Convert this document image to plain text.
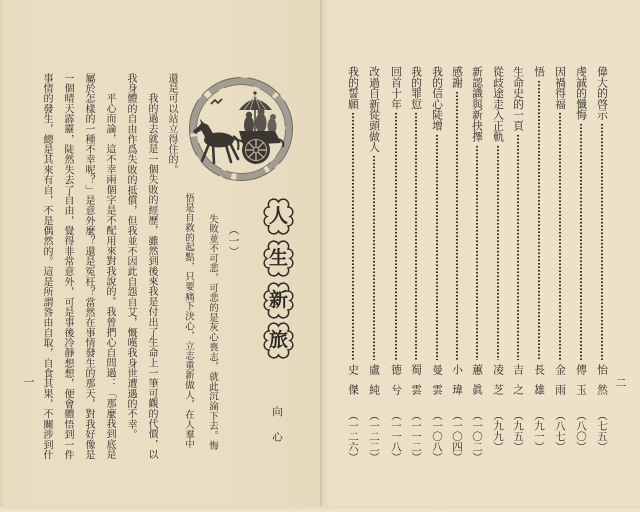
人
生
新
旅
（一）
向心
失敗並不可悲，可悲的是灰心喪志，就此沉淪下去。悔
悟是自救的起點，只要痛下決心，立志重新做人，在人羣中
還是可以站立得住的。
我的過去就是一個失敗的經歷，雖然到後來我是付出了生命上一筆可觀的代價，以
我身體的自由作爲失敗的抵償，但我並不因此自怨自艾，慨嘆我身世遭遇的不幸。
平心而論，這不幸兩個字是不配用來對我說的。我曾捫心自問過：「那麼我到底是
屬於怎樣的一種不幸呢？」是意外麼？還是冤枉？當然在事情發生的那天，對我好像是
一個晴天霹靂，陡然失去了自由，覺得非常意外，可是事後冷靜想想，便會體悟到一件
事情的發生，總是其來有自，不是偶然的。這是所謂咎由自取，自食其果，不關涉到什
一
偉大的啓示
怡然
（七五）
虔誠的懺悔
傳玉
（八〇）
因禍得福
金雨
（八七）
悟
長雄
（九一）
生命史的一頁
吉之
（九五）
從歧途走入正軌
凌芝
（九九）
新認識與新抉擇
蕙眞
（一〇二）
感謝
小瑋
（一〇四）
我的信心陡增
曼雲
（一〇八）
我的罪愆
蜀雲
（一一二）
回首十年
德兮
（一一八）
改過自新從頭做人
盧純
（一二二）
我的誓願
史傑
（一二六）
二
